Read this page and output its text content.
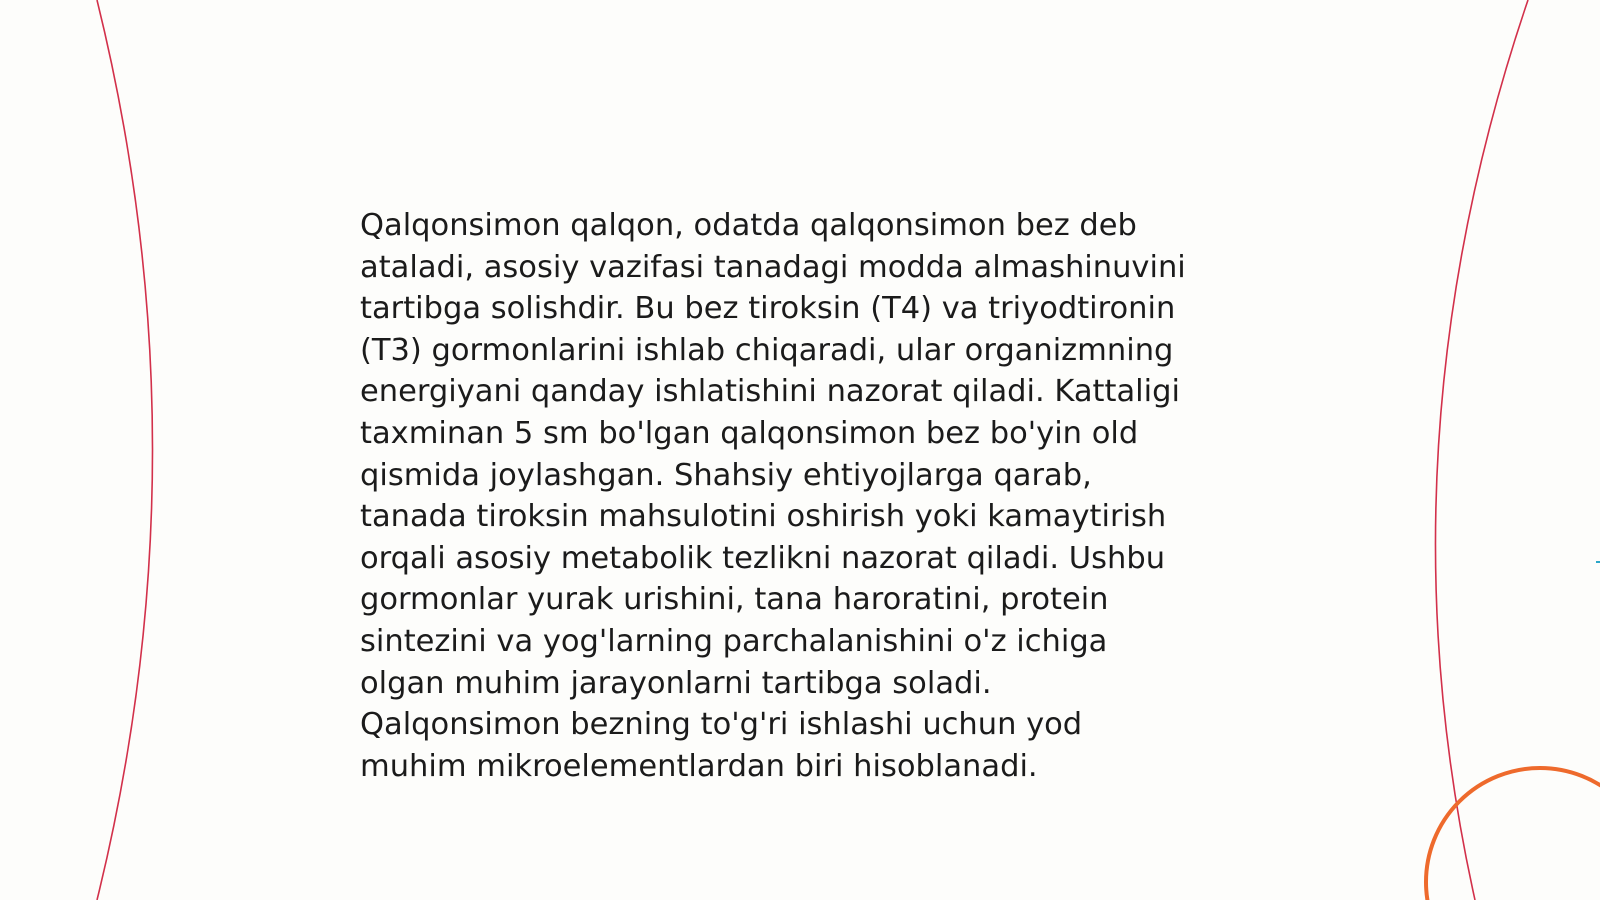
Qalqonsimon qalqon, odatda qalqonsimon bez deb
ataladi, asosiy vazifasi tanadagi modda almashinuvini
tartibga solishdir. Bu bez tiroksin (T4) va triyodtironin
(T3) gormonlarini ishlab chiqaradi, ular organizmning
energiyani qanday ishlatishini nazorat qiladi. Kattaligi
taxminan 5 sm bo'lgan qalqonsimon bez bo'yin old
qismida joylashgan. Shahsiy ehtiyojlarga qarab,
tanada tiroksin mahsulotini oshirish yoki kamaytirish
orqali asosiy metabolik tezlikni nazorat qiladi. Ushbu
gormonlar yurak urishini, tana haroratini, protein
sintezini va yog'larning parchalanishini o'z ichiga
olgan muhim jarayonlarni tartibga soladi.
Qalqonsimon bezning to'g'ri ishlashi uchun yod
muhim mikroelementlardan biri hisoblanadi.
